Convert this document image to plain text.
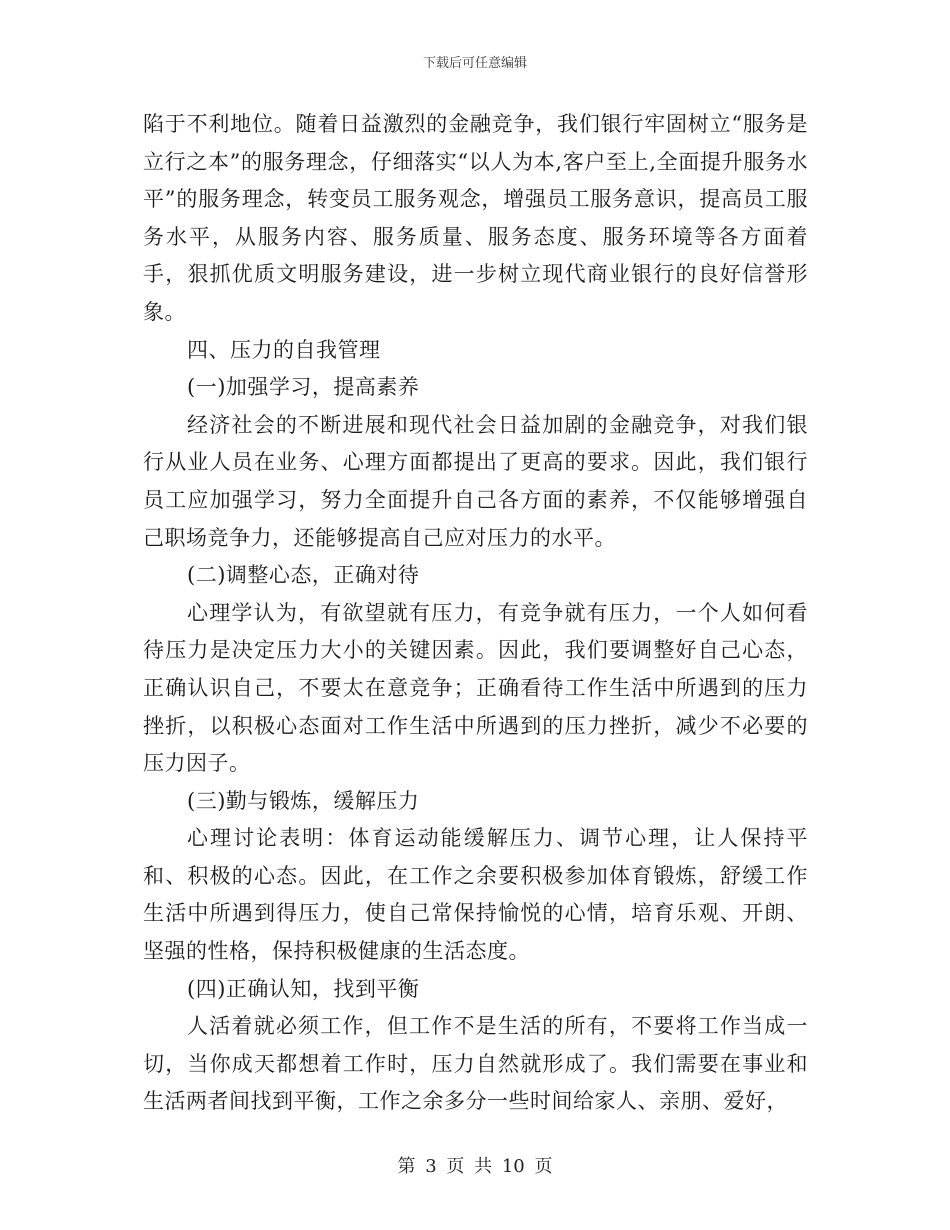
下载后可任意编辑

陷于不利地位。随着日益激烈的金融竞争，我们银行牢固树立“服务是立行之本”的服务理念，仔细落实“以人为本,客户至上,全面提升服务水平”的服务理念，转变员工服务观念，增强员工服务意识，提高员工服务水平，从服务内容、服务质量、服务态度、服务环境等各方面着手，狠抓优质文明服务建设，进一步树立现代商业银行的良好信誉形象。

四、压力的自我管理

(一)加强学习，提高素养

经济社会的不断进展和现代社会日益加剧的金融竞争，对我们银行从业人员在业务、心理方面都提出了更高的要求。因此，我们银行员工应加强学习，努力全面提升自己各方面的素养，不仅能够增强自己职场竞争力，还能够提高自己应对压力的水平。

(二)调整心态，正确对待

心理学认为，有欲望就有压力，有竞争就有压力，一个人如何看待压力是决定压力大小的关键因素。因此，我们要调整好自己心态，正确认识自己，不要太在意竞争；正确看待工作生活中所遇到的压力挫折，以积极心态面对工作生活中所遇到的压力挫折，减少不必要的压力因子。

(三)勤与锻炼，缓解压力

心理讨论表明：体育运动能缓解压力、调节心理，让人保持平和、积极的心态。因此，在工作之余要积极参加体育锻炼，舒缓工作生活中所遇到得压力，使自己常保持愉悦的心情，培育乐观、开朗、坚强的性格，保持积极健康的生活态度。

(四)正确认知，找到平衡

人活着就必须工作，但工作不是生活的所有，不要将工作当成一切，当你成天都想着工作时，压力自然就形成了。我们需要在事业和生活两者间找到平衡，工作之余多分一些时间给家人、亲朋、爱好，

第 3 页 共 10 页
